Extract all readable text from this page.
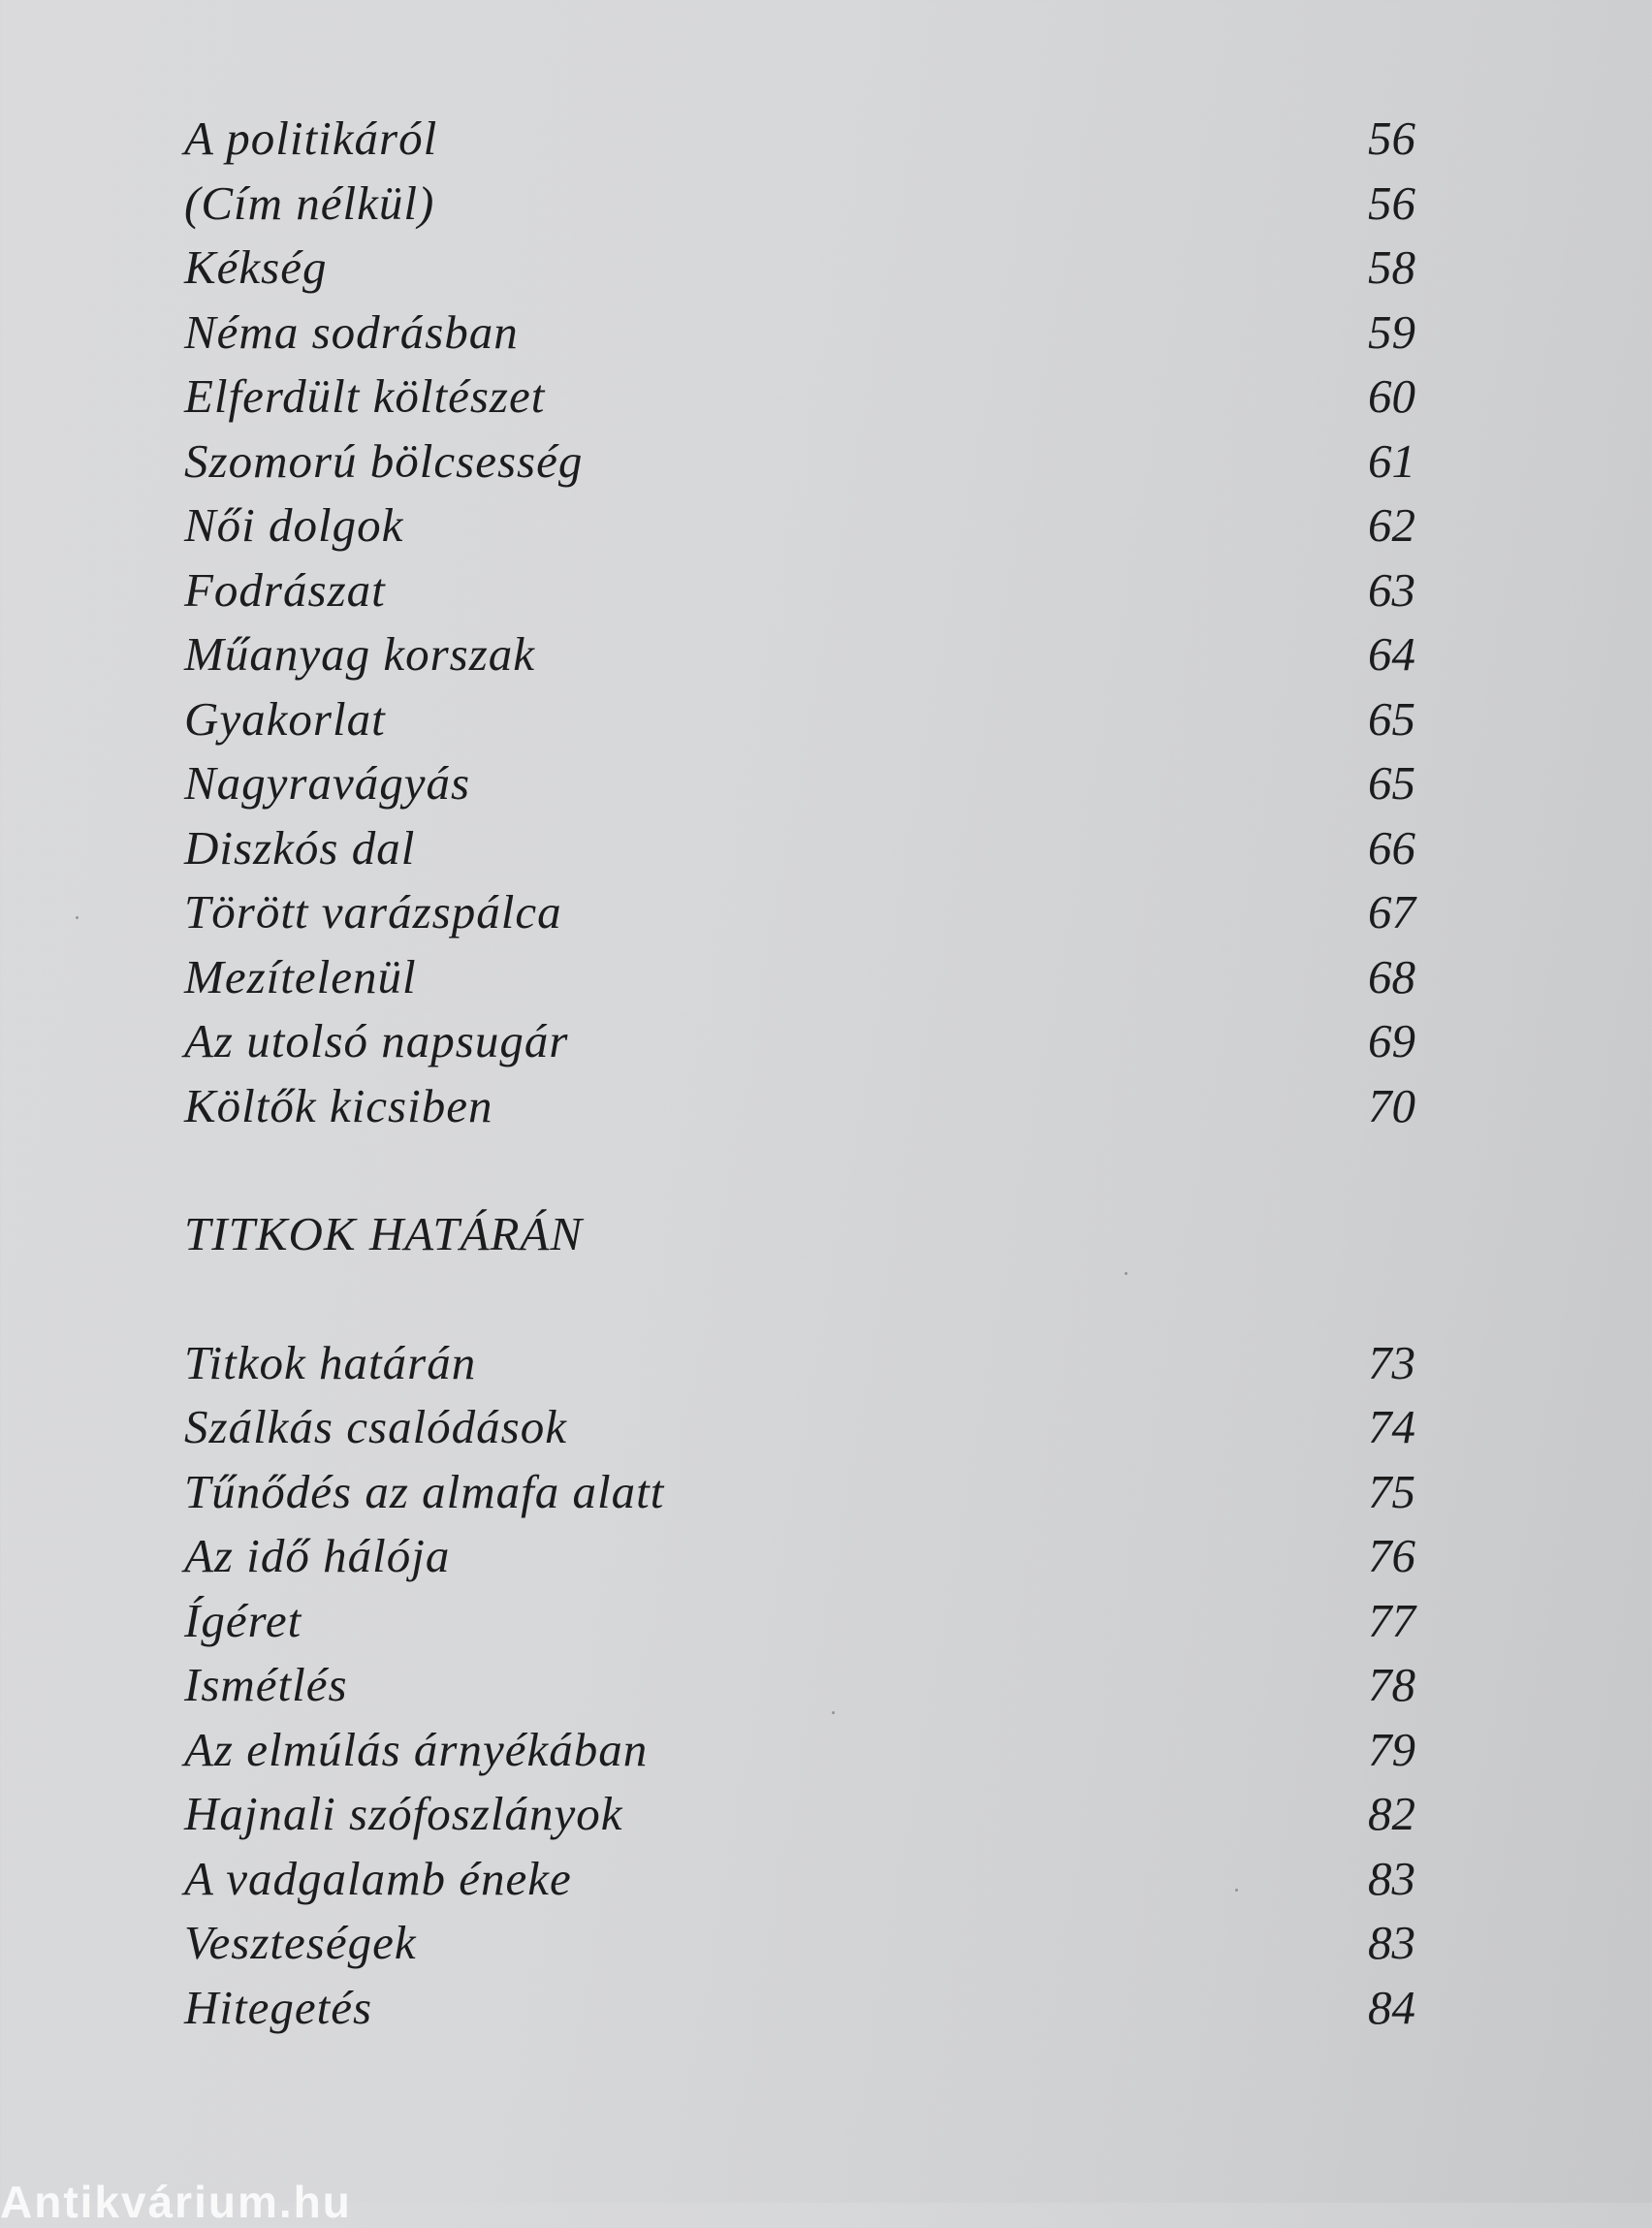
A politikáról	56
(Cím nélkül)	56
Kékség	58
Néma sodrásban	59
Elferdült költészet	60
Szomorú bölcsesség	61
Női dolgok	62
Fodrászat	63
Műanyag korszak	64
Gyakorlat	65
Nagyravágyás	65
Diszkós dal	66
Törött varázspálca	67
Mezítelenül	68
Az utolsó napsugár	69
Költők kicsiben	70
TITKOK HATÁRÁN
Titkok határán	73
Szálkás csalódások	74
Tűnődés az almafa alatt	75
Az idő hálója	76
Ígéret	77
Ismétlés	78
Az elmúlás árnyékában	79
Hajnali szófoszlányok	82
A vadgalamb éneke	83
Veszteségek	83
Hitegetés	84
Antikvárium.hu
